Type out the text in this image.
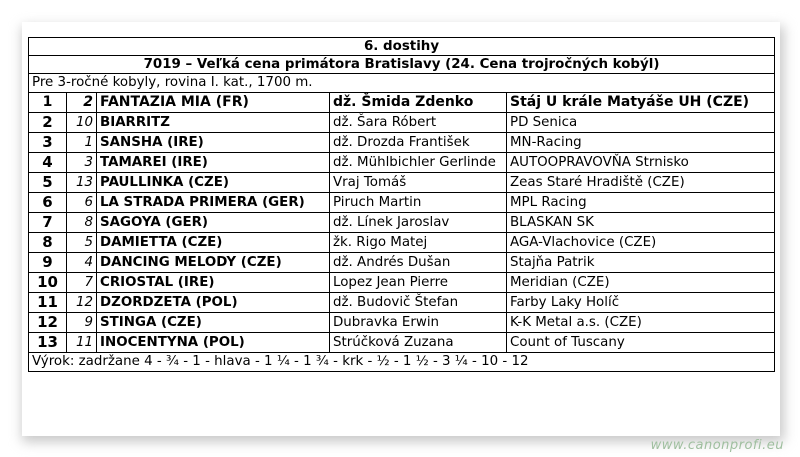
6. dostihy				
7019 – Veľká cena primátora Bratislavy (24. Cena trojročných kobýl)				
Pre 3-ročné kobyly, rovina I. kat., 1700 m.				
1	2	FANTAZIA MIA (FR)	dž. Šmida Zdenko	Stáj U krále Matyáše UH (CZE)
2	10	BIARRITZ	dž. Šara Róbert	PD Senica
3	1	SANSHA (IRE)	dž. Drozda František	MN-Racing
4	3	TAMAREI (IRE)	dž. Mühlbichler Gerlinde	AUTOOPRAVOVŇA Strnisko
5	13	PAULLINKA (CZE)	Vraj Tomáš	Zeas Staré Hradiště (CZE)
6	6	LA STRADA PRIMERA (GER)	Piruch Martin	MPL Racing
7	8	SAGOYA (GER)	dž. Línek Jaroslav	BLASKAN SK
8	5	DAMIETTA (CZE)	žk. Rigo Matej	AGA-Vlachovice (CZE)
9	4	DANCING MELODY (CZE)	dž. Andrés Dušan	Stajňa Patrik
10	7	CRIOSTAL (IRE)	Lopez Jean Pierre	Meridian (CZE)
11	12	DZORDZETA (POL)	dž. Budovič Štefan	Farby Laky Holíč
12	9	STINGA (CZE)	Dubravka Erwin	K-K Metal a.s. (CZE)
13	11	INOCENTYNA (POL)	Strúčková Zuzana	Count of Tuscany
Výrok: zadržane 4 - ¾ - 1 - hlava - 1 ¼ - 1 ¾ - krk - ½ - 1 ½ - 3 ¼ - 10 - 12				
www.canonprofi.eu
